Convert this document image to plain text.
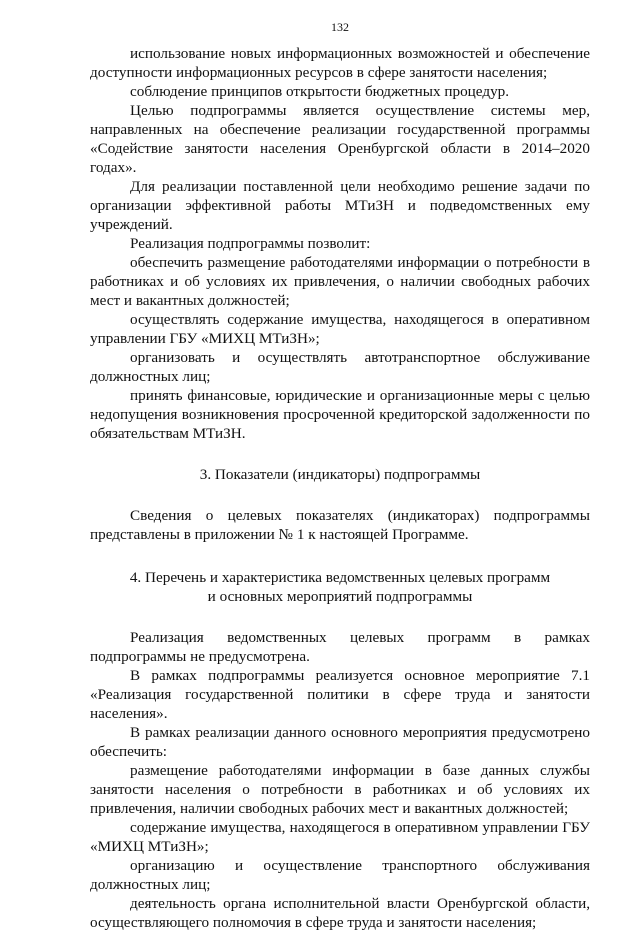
132

использование новых информационных возможностей и обеспечение доступности информационных ресурсов в сфере занятости населения;

соблюдение принципов открытости бюджетных процедур.

Целью подпрограммы является осуществление системы мер, направленных на обеспечение реализации государственной программы «Содействие занятости населения Оренбургской области в 2014–2020 годах».

Для реализации поставленной цели необходимо решение задачи по организации эффективной работы МТиЗН и подведомственных ему учреждений.

Реализация подпрограммы позволит:

обеспечить размещение работодателями информации о потребности в работниках и об условиях их привлечения, о наличии свободных рабочих мест и вакантных должностей;

осуществлять содержание имущества, находящегося в оперативном управлении ГБУ «МИХЦ МТиЗН»;

организовать и осуществлять автотранспортное обслуживание должностных лиц;

принять финансовые, юридические и организационные меры с целью недопущения возникновения просроченной кредиторской задолженности по обязательствам МТиЗН.

3. Показатели (индикаторы) подпрограммы

Сведения о целевых показателях (индикаторах) подпрограммы представлены в приложении № 1 к настоящей Программе.

4. Перечень и характеристика ведомственных целевых программ
и основных мероприятий подпрограммы

Реализация ведомственных целевых программ в рамках подпрограммы не предусмотрена.

В рамках подпрограммы реализуется основное мероприятие 7.1 «Реализация государственной политики в сфере труда и занятости населения».

В рамках реализации данного основного мероприятия предусмотрено обеспечить:

размещение работодателями информации в базе данных службы занятости населения о потребности в работниках и об условиях их привлечения, наличии свободных рабочих мест и вакантных должностей;

содержание имущества, находящегося в оперативном управлении ГБУ «МИХЦ МТиЗН»;

организацию и осуществление транспортного обслуживания должностных лиц;

деятельность органа исполнительной власти Оренбургской области, осуществляющего полномочия в сфере труда и занятости населения;
